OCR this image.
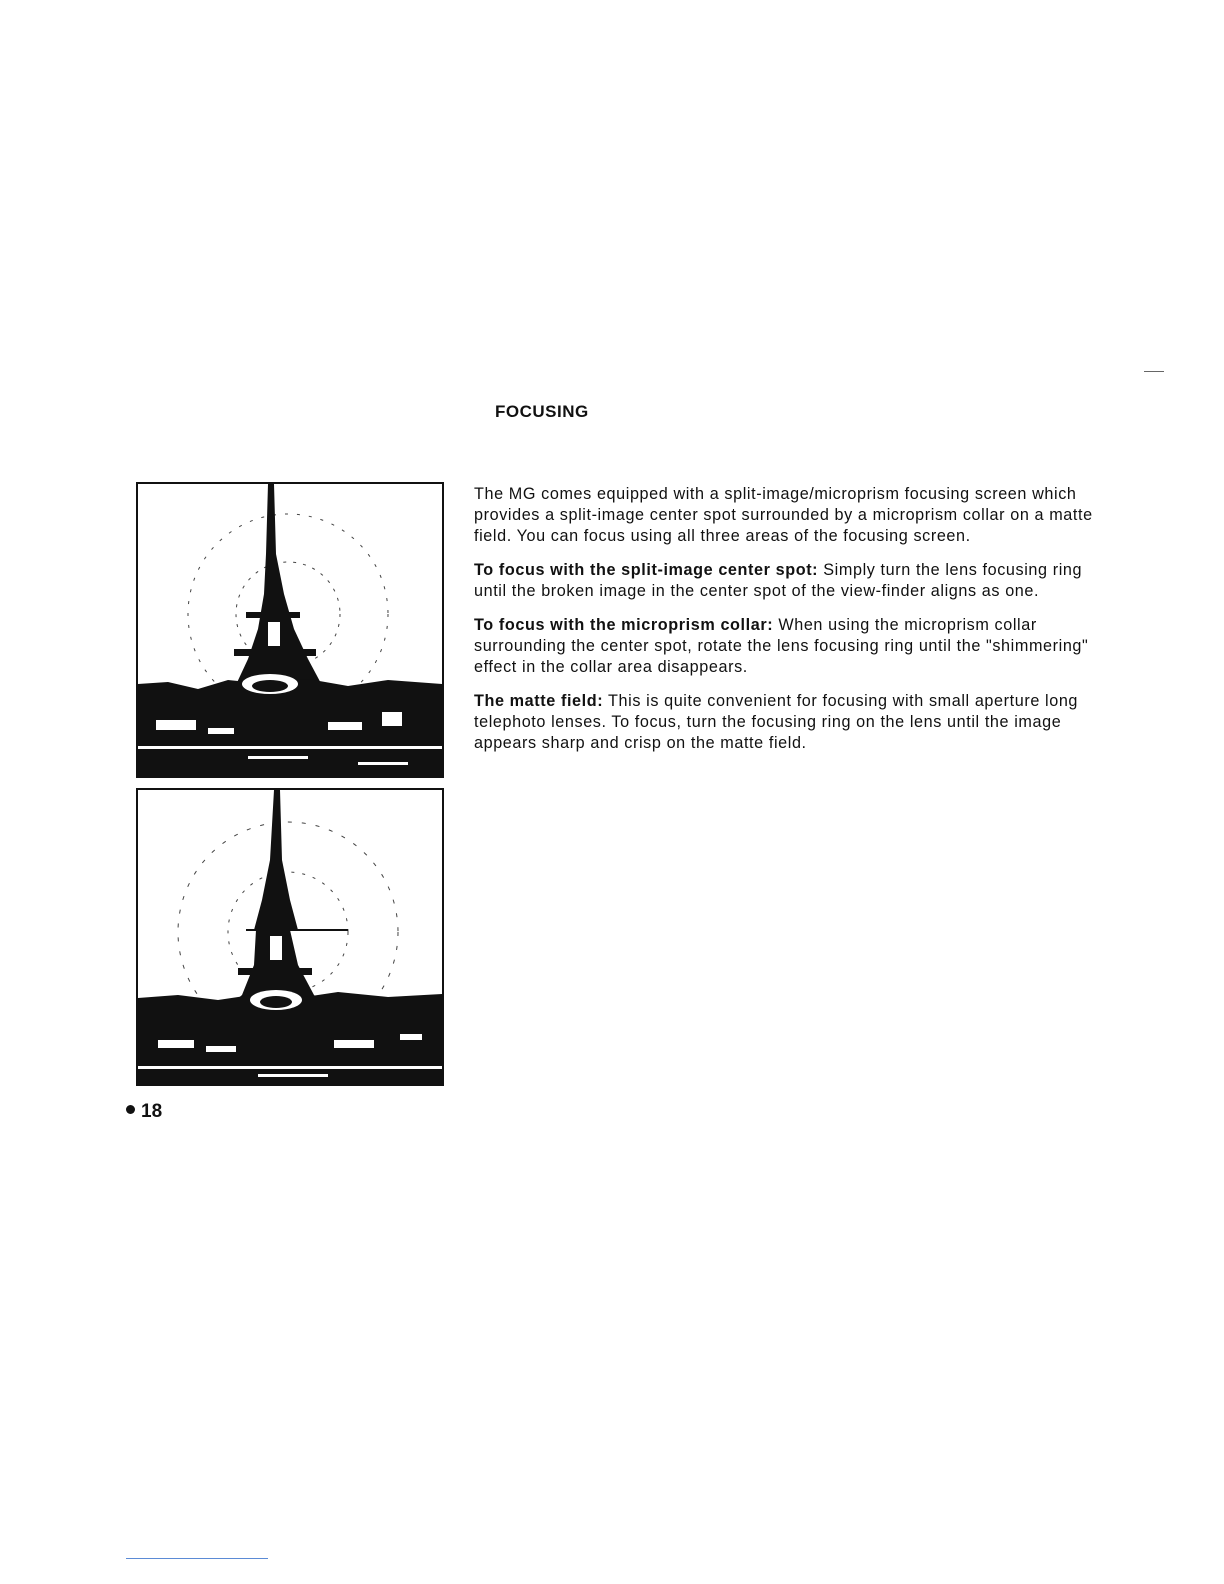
FOCUSING

The MG comes equipped with a split-image/microprism focusing screen which provides a split-image center spot surrounded by a microprism collar on a matte field. You can focus using all three areas of the focusing screen.

To focus with the split-image center spot: Simply turn the lens focusing ring until the broken image in the center spot of the view-finder aligns as one.

To focus with the microprism collar: When using the microprism collar surrounding the center spot, rotate the lens focusing ring until the "shimmering" effect in the collar area disappears.

The matte field: This is quite convenient for focusing with small aperture long telephoto lenses. To focus, turn the focusing ring on the lens until the image appears sharp and crisp on the matte field.

18
